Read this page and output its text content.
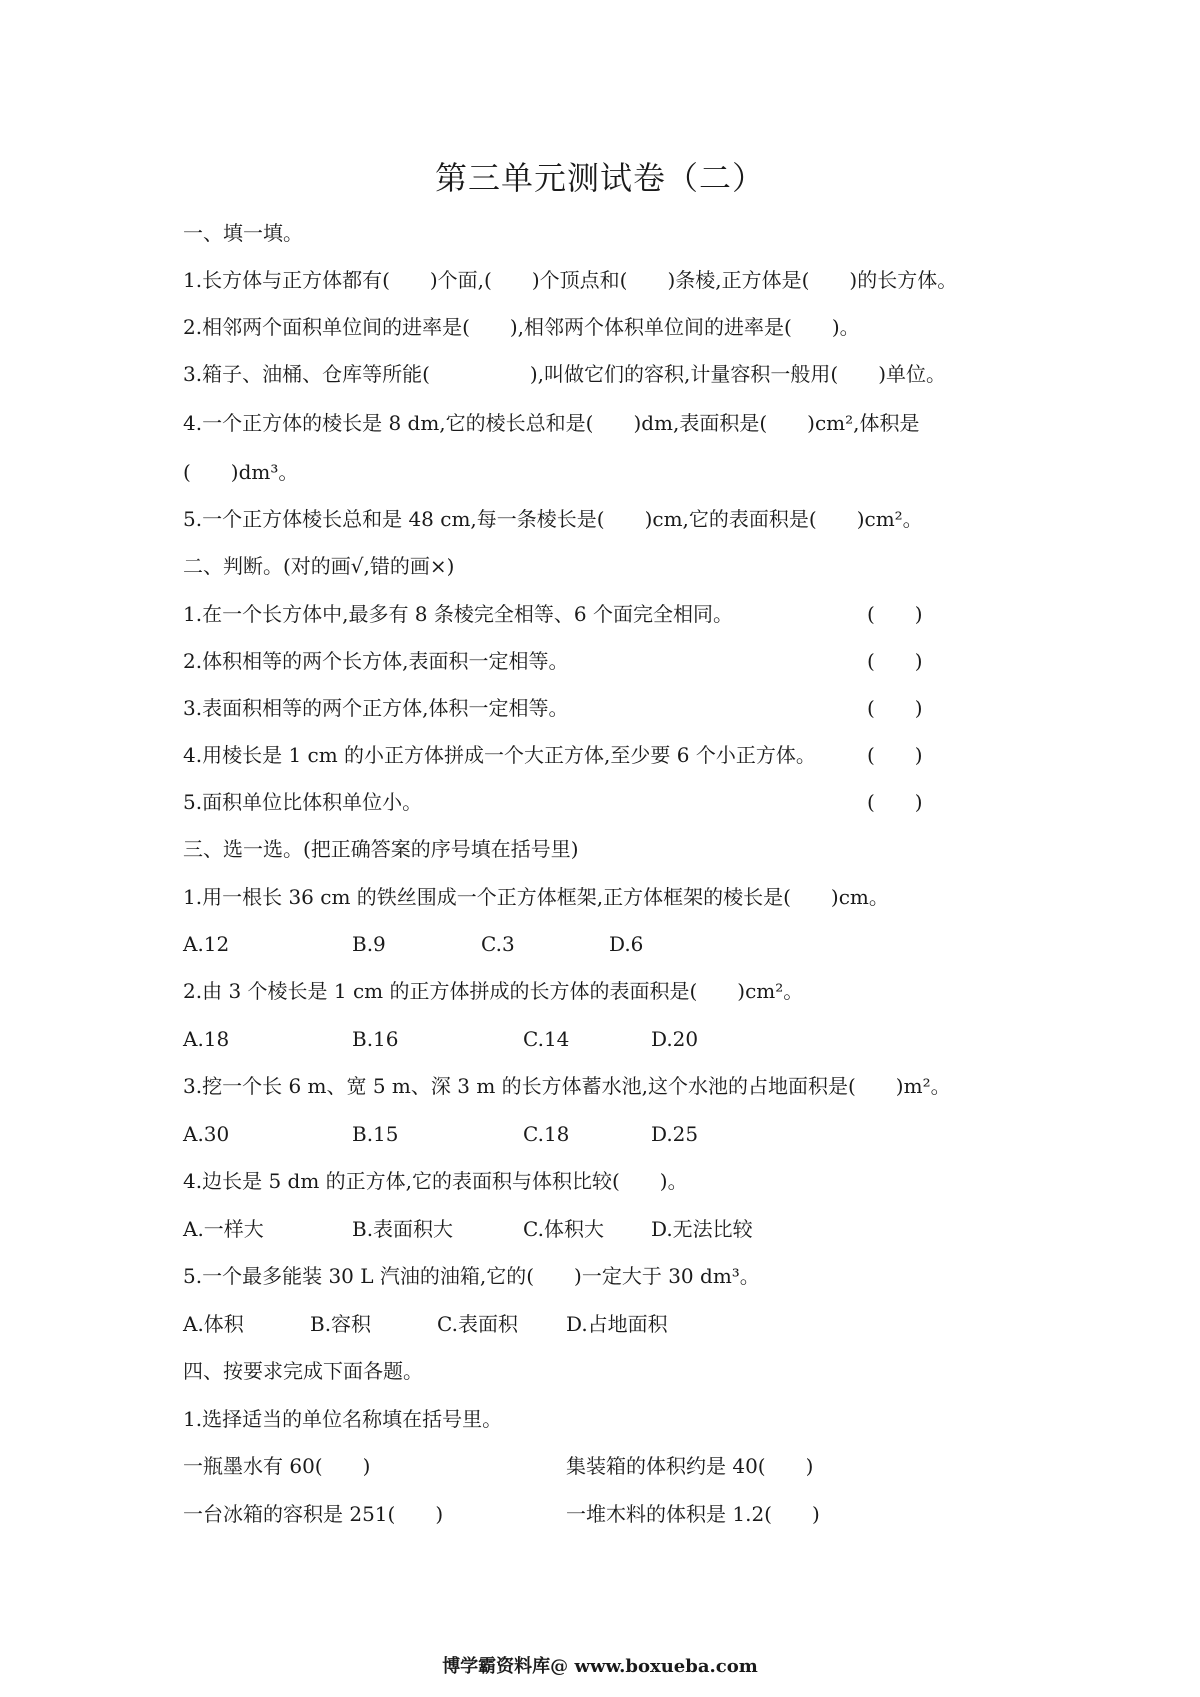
第三单元测试卷（二）
一、填一填。
1.长方体与正方体都有(　　)个面,(　　)个顶点和(　　)条棱,正方体是(　　)的长方体。
2.相邻两个面积单位间的进率是(　　),相邻两个体积单位间的进率是(　　)。
3.箱子、油桶、仓库等所能(　　　　　),叫做它们的容积,计量容积一般用(　　)单位。
4.一个正方体的棱长是 8 dm,它的棱长总和是(　　)dm,表面积是(　　)cm²,体积是
(　　)dm³。
5.一个正方体棱长总和是 48 cm,每一条棱长是(　　)cm,它的表面积是(　　)cm²。
二、判断。(对的画√,错的画×)
1.在一个长方体中,最多有 8 条棱完全相等、6 个面完全相同。	(　　)
2.体积相等的两个长方体,表面积一定相等。	(　　)
3.表面积相等的两个正方体,体积一定相等。	(　　)
4.用棱长是 1 cm 的小正方体拼成一个大正方体,至少要 6 个小正方体。	(　　)
5.面积单位比体积单位小。	(　　)
三、选一选。(把正确答案的序号填在括号里)
1.用一根长 36 cm 的铁丝围成一个正方体框架,正方体框架的棱长是(　　)cm。
A.12	B.9	C.3	D.6
2.由 3 个棱长是 1 cm 的正方体拼成的长方体的表面积是(　　)cm²。
A.18	B.16	C.14	D.20
3.挖一个长 6 m、宽 5 m、深 3 m 的长方体蓄水池,这个水池的占地面积是(　　)m²。
A.30	B.15	C.18	D.25
4.边长是 5 dm 的正方体,它的表面积与体积比较(　　)。
A.一样大	B.表面积大	C.体积大 D.无法比较
5.一个最多能装 30 L 汽油的油箱,它的(　　)一定大于 30 dm³。
A.体积	B.容积	C.表面积 D.占地面积
四、按要求完成下面各题。
1.选择适当的单位名称填在括号里。
一瓶墨水有 60(　　)	集装箱的体积约是 40(　　)
一台冰箱的容积是 251(　　)	一堆木料的体积是 1.2(　　)
博学霸资料库@ www.boxueba.com
